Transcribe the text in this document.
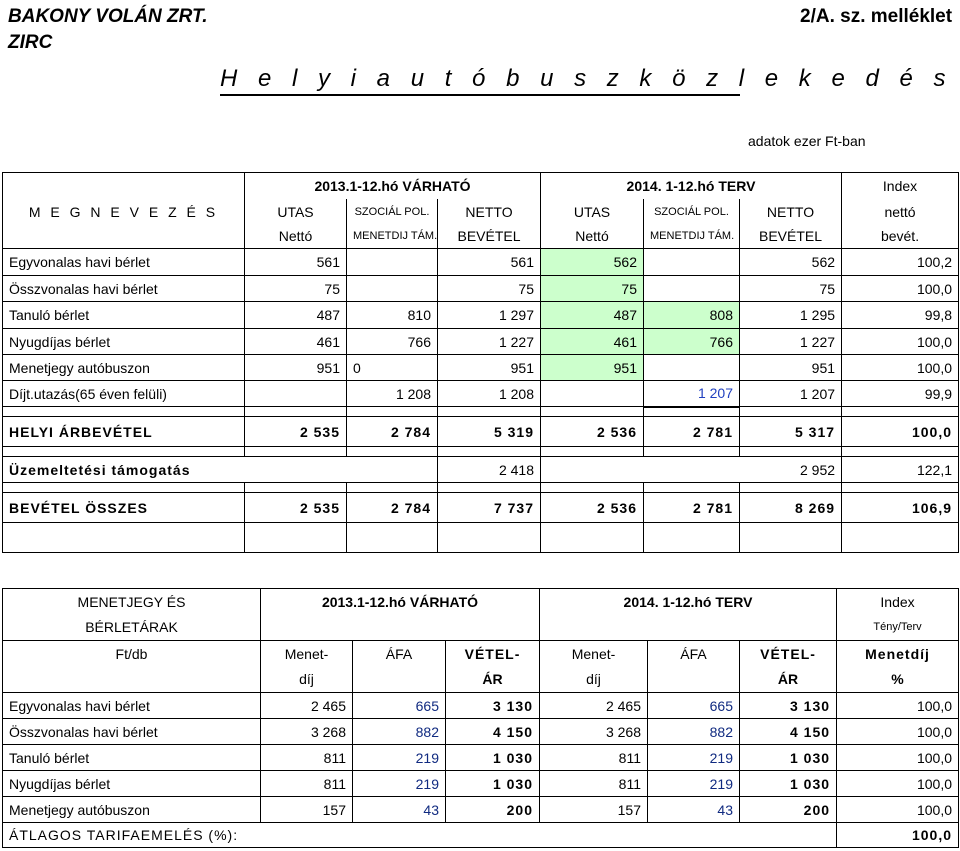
BAKONY VOLÁN ZRT.
ZIRC
2/A. sz. melléklet
H e l y i a u t ó b u s z k ö z l e k e d é s
adatok ezer Ft-ban
	2013.1-12.hó VÁRHATÓ			2014. 1-12.hó TERV			Index
M E G N E V E Z É S	UTAS	SZOCIÁL POL.	NETTO	UTAS	SZOCIÁL POL.	NETTO	nettó
	Nettó	MENETDIJ TÁM.	BEVÉTEL	Nettó	MENETDIJ TÁM.	BEVÉTEL	bevét.
Egyvonalas havi bérlet	561		561	562		562	100,2
Összvonalas havi bérlet	75		75	75		75	100,0
Tanuló bérlet	487	810	1 297	487	808	1 295	99,8
Nyugdíjas bérlet	461	766	1 227	461	766	1 227	100,0
Menetjegy autóbuszon	951	0	951	951		951	100,0
Díjt.utazás(65 éven felüli)		1 208	1 208		1 207	1 207	99,9

HELYI ÁRBEVÉTEL	2 535	2 784	5 319	2 536	2 781	5 317	100,0

Üzemeltetési támogatás			2 418			2 952	122,1

BEVÉTEL ÖSSZES	2 535	2 784	7 737	2 536	2 781	8 269	106,9

MENETJEGY ÉS	2013.1-12.hó VÁRHATÓ			2014. 1-12.hó TERV			Index
BÉRLETÁRAK							Tény/Terv
Ft/db	Menet-	ÁFA	VÉTEL-	Menet-	ÁFA	VÉTEL-	Menetdíj
	díj		ÁR	díj		ÁR	%
Egyvonalas havi bérlet	2 465	665	3 130	2 465	665	3 130	100,0
Összvonalas havi bérlet	3 268	882	4 150	3 268	882	4 150	100,0
Tanuló bérlet	811	219	1 030	811	219	1 030	100,0
Nyugdíjas bérlet	811	219	1 030	811	219	1 030	100,0
Menetjegy autóbuszon	157	43	200	157	43	200	100,0
ÁTLAGOS TARIFAEMELÉS (%):							100,0
